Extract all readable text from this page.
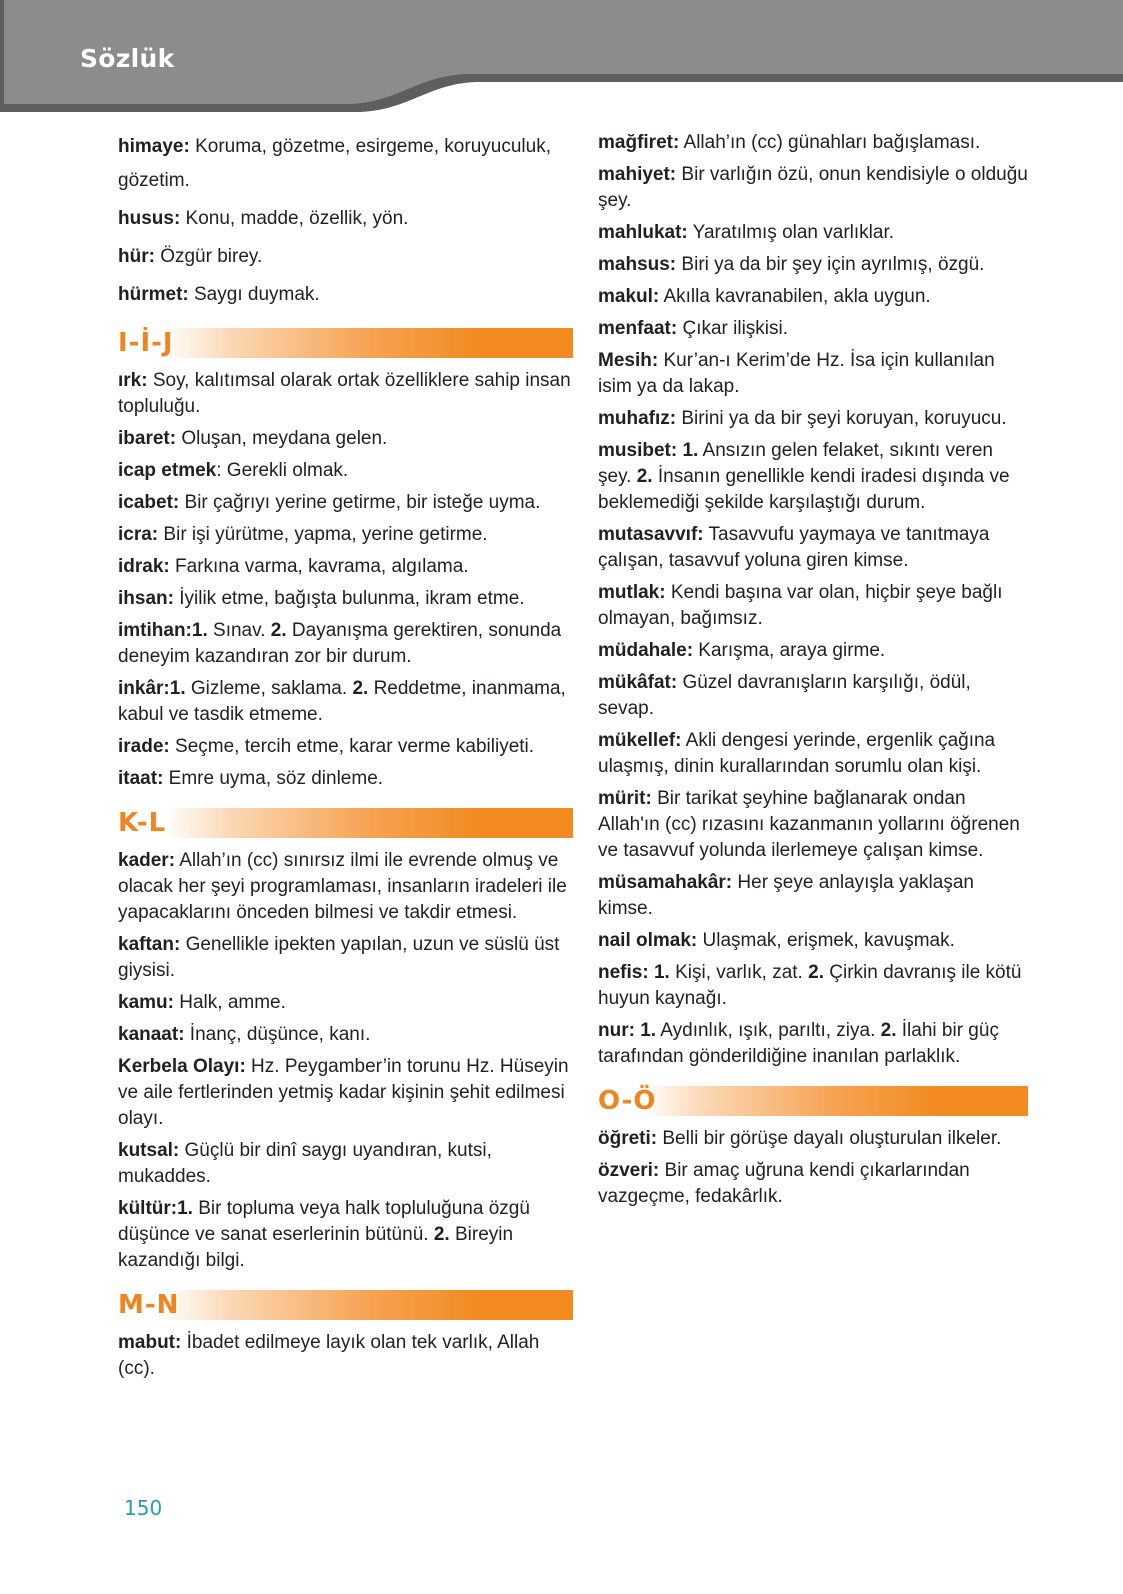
Sözlük
himaye: Koruma, gözetme, esirgeme, koruyuculuk, gözetim.
husus: Konu, madde, özellik, yön.
hür: Özgür birey.
hürmet: Saygı duymak.
I-İ-J
ırk: Soy, kalıtımsal olarak ortak özelliklere sahip insan topluluğu.
ibaret: Oluşan, meydana gelen.
icap etmek: Gerekli olmak.
icabet: Bir çağrıyı yerine getirme, bir isteğe uyma.
icra: Bir işi yürütme, yapma, yerine getirme.
idrak: Farkına varma, kavrama, algılama.
ihsan: İyilik etme, bağışta bulunma, ikram etme.
imtihan:1. Sınav. 2. Dayanışma gerektiren, sonunda deneyim kazandıran zor bir durum.
inkâr:1. Gizleme, saklama. 2. Reddetme, inanmama, kabul ve tasdik etmeme.
irade: Seçme, tercih etme, karar verme kabiliyeti.
itaat: Emre uyma, söz dinleme.
K-L
kader: Allah’ın (cc) sınırsız ilmi ile evrende olmuş ve olacak her şeyi programlaması, insanların iradeleri ile yapacaklarını önceden bilmesi ve takdir etmesi.
kaftan: Genellikle ipekten yapılan, uzun ve süslü üst giysisi.
kamu: Halk, amme.
kanaat: İnanç, düşünce, kanı.
Kerbela Olayı: Hz. Peygamber’in torunu Hz. Hüseyin ve aile fertlerinden yetmiş kadar kişinin şehit edilmesi olayı.
kutsal: Güçlü bir dinî saygı uyandıran, kutsi, mukaddes.
kültür:1. Bir topluma veya halk topluluğuna özgü düşünce ve sanat eserlerinin bütünü. 2. Bireyin kazandığı bilgi.
M-N
mabut: İbadet edilmeye layık olan tek varlık, Allah (cc).
mağfiret: Allah’ın (cc) günahları bağışlaması.
mahiyet: Bir varlığın özü, onun kendisiyle o olduğu şey.
mahlukat: Yaratılmış olan varlıklar.
mahsus: Biri ya da bir şey için ayrılmış, özgü.
makul: Akılla kavranabilen, akla uygun.
menfaat: Çıkar ilişkisi.
Mesih: Kur’an-ı Kerim’de Hz. İsa için kullanılan isim ya da lakap.
muhafız: Birini ya da bir şeyi koruyan, koruyucu.
musibet: 1. Ansızın gelen felaket, sıkıntı veren şey. 2. İnsanın genellikle kendi iradesi dışında ve beklemediği şekilde karşılaştığı durum.
mutasavvıf: Tasavvufu yaymaya ve tanıtmaya çalışan, tasavvuf yoluna giren kimse.
mutlak: Kendi başına var olan, hiçbir şeye bağlı olmayan, bağımsız.
müdahale: Karışma, araya girme.
mükâfat: Güzel davranışların karşılığı, ödül, sevap.
mükellef: Akli dengesi yerinde, ergenlik çağına ulaşmış, dinin kurallarından sorumlu olan kişi.
mürit: Bir tarikat şeyhine bağlanarak ondan Allah'ın (cc) rızasını kazanmanın yollarını öğrenen ve tasavvuf yolunda ilerlemeye çalışan kimse.
müsamahakâr: Her şeye anlayışla yaklaşan kimse.
nail olmak: Ulaşmak, erişmek, kavuşmak.
nefis: 1. Kişi, varlık, zat. 2. Çirkin davranış ile kötü huyun kaynağı.
nur: 1. Aydınlık, ışık, parıltı, ziya. 2. İlahi bir güç tarafından gönderildiğine inanılan parlaklık.
O-Ö
öğreti: Belli bir görüşe dayalı oluşturulan ilkeler.
özveri: Bir amaç uğruna kendi çıkarlarından vazgeçme, fedakârlık.
150
